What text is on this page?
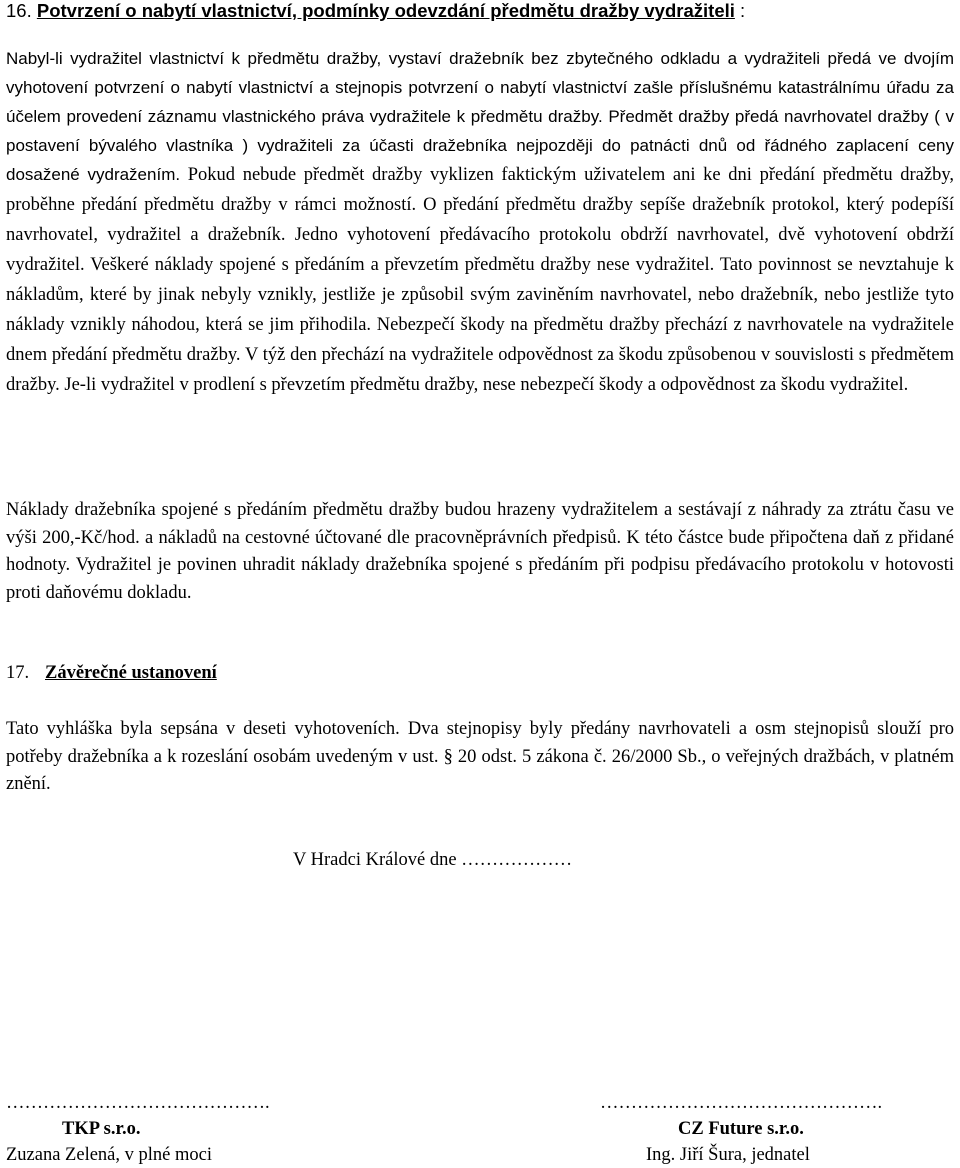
16. Potvrzení o nabytí vlastnictví, podmínky odevzdání předmětu dražby vydražiteli :

Nabyl-li vydražitel vlastnictví k předmětu dražby, vystaví dražebník bez zbytečného odkladu a vydražiteli předá ve dvojím vyhotovení potvrzení o nabytí vlastnictví a stejnopis potvrzení o nabytí vlastnictví zašle příslušnému katastrálnímu úřadu za účelem provedení záznamu vlastnického práva vydražitele k předmětu dražby. Předmět dražby předá navrhovatel dražby ( v postavení bývalého vlastníka ) vydražiteli za účasti dražebníka nejpozději do patnácti dnů od řádného zaplacení ceny dosažené vydražením. Pokud nebude předmět dražby vyklizen faktickým uživatelem ani ke dni předání předmětu dražby, proběhne předání předmětu dražby v rámci možností. O předání předmětu dražby sepíše dražebník protokol, který podepíší navrhovatel, vydražitel a dražebník. Jedno vyhotovení předávacího protokolu obdrží navrhovatel, dvě vyhotovení obdrží vydražitel. Veškeré náklady spojené s předáním a převzetím předmětu dražby nese vydražitel. Tato povinnost se nevztahuje k nákladům, které by jinak nebyly vznikly, jestliže je způsobil svým zaviněním navrhovatel, nebo dražebník, nebo jestliže tyto náklady vznikly náhodou, která se jim přihodila. Nebezpečí škody na předmětu dražby přechází z navrhovatele na vydražitele dnem předání předmětu dražby. V týž den přechází na vydražitele odpovědnost za škodu způsobenou v souvislosti s předmětem dražby. Je-li vydražitel v prodlení s převzetím předmětu dražby, nese nebezpečí škody a odpovědnost za škodu vydražitel.

Náklady dražebníka spojené s předáním předmětu dražby budou hrazeny vydražitelem a sestávají z náhrady za ztrátu času ve výši 200,-Kč/hod. a nákladů na cestovné účtované dle pracovněprávních předpisů. K této částce bude připočtena daň z přidané hodnoty. Vydražitel je povinen uhradit náklady dražebníka spojené s předáním při podpisu předávacího protokolu v hotovosti proti daňovému dokladu.

17. Závěrečné ustanovení

Tato vyhláška byla sepsána v deseti vyhotoveních. Dva stejnopisy byly předány navrhovateli a osm stejnopisů slouží pro potřeby dražebníka a k rozeslání osobám uvedeným v ust. § 20 odst. 5 zákona č. 26/2000 Sb., o veřejných dražbách, v platném znění.

V Hradci Králové dne ………………
…………………………………….
TKP s.r.o.
Zuzana Zelená, v plné moci
……………………………………….
CZ Future s.r.o.
Ing. Jiří Šura, jednatel
